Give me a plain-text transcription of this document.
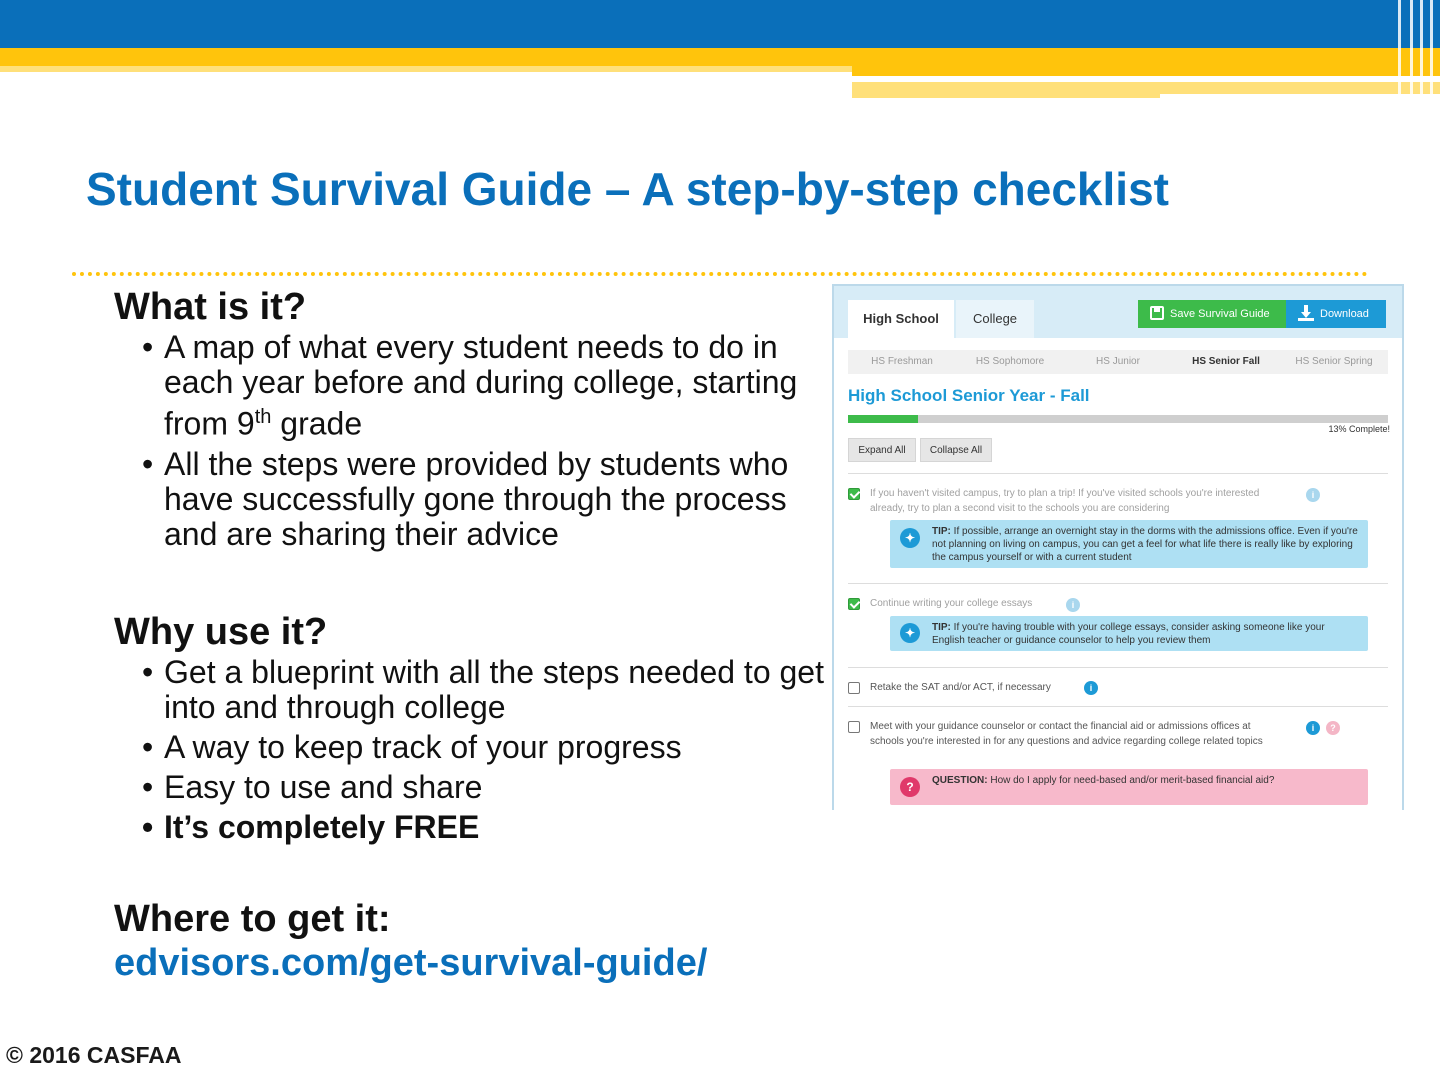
Student Survival Guide – A step-by-step checklist

What is it?

• A map of what every student needs to do in each year before and during college, starting from 9th grade
• All the steps were provided by students who have successfully gone through the process and are sharing their advice

Why use it?

• Get a blueprint with all the steps needed to get into and through college
• A way to keep track of your progress
• Easy to use and share
• It’s completely FREE

Where to get it:

edvisors.com/get-survival-guide/
© 2016 CASFAA
High School	College	Save Survival Guide	Download
HS Freshman	HS Sophomore	HS Junior	HS Senior Fall	HS Senior Spring
High School Senior Year - Fall
13% Complete!
Expand All	Collapse All
If you haven't visited campus, try to plan a trip! If you've visited schools you're interested already, try to plan a second visit to the schools you are considering
i
✦	TIP: If possible, arrange an overnight stay in the dorms with the admissions office. Even if you're not planning on living on campus, you can get a feel for what life there is really like by exploring the campus yourself or with a current student
Continue writing your college essays	i
✦	TIP: If you're having trouble with your college essays, consider asking someone like your English teacher or guidance counselor to help you review them
Retake the SAT and/or ACT, if necessary	i
Meet with your guidance counselor or contact the financial aid or admissions offices at schools you're interested in for any questions and advice regarding college related topics
i	?
?	QUESTION: How do I apply for need-based and/or merit-based financial aid?
